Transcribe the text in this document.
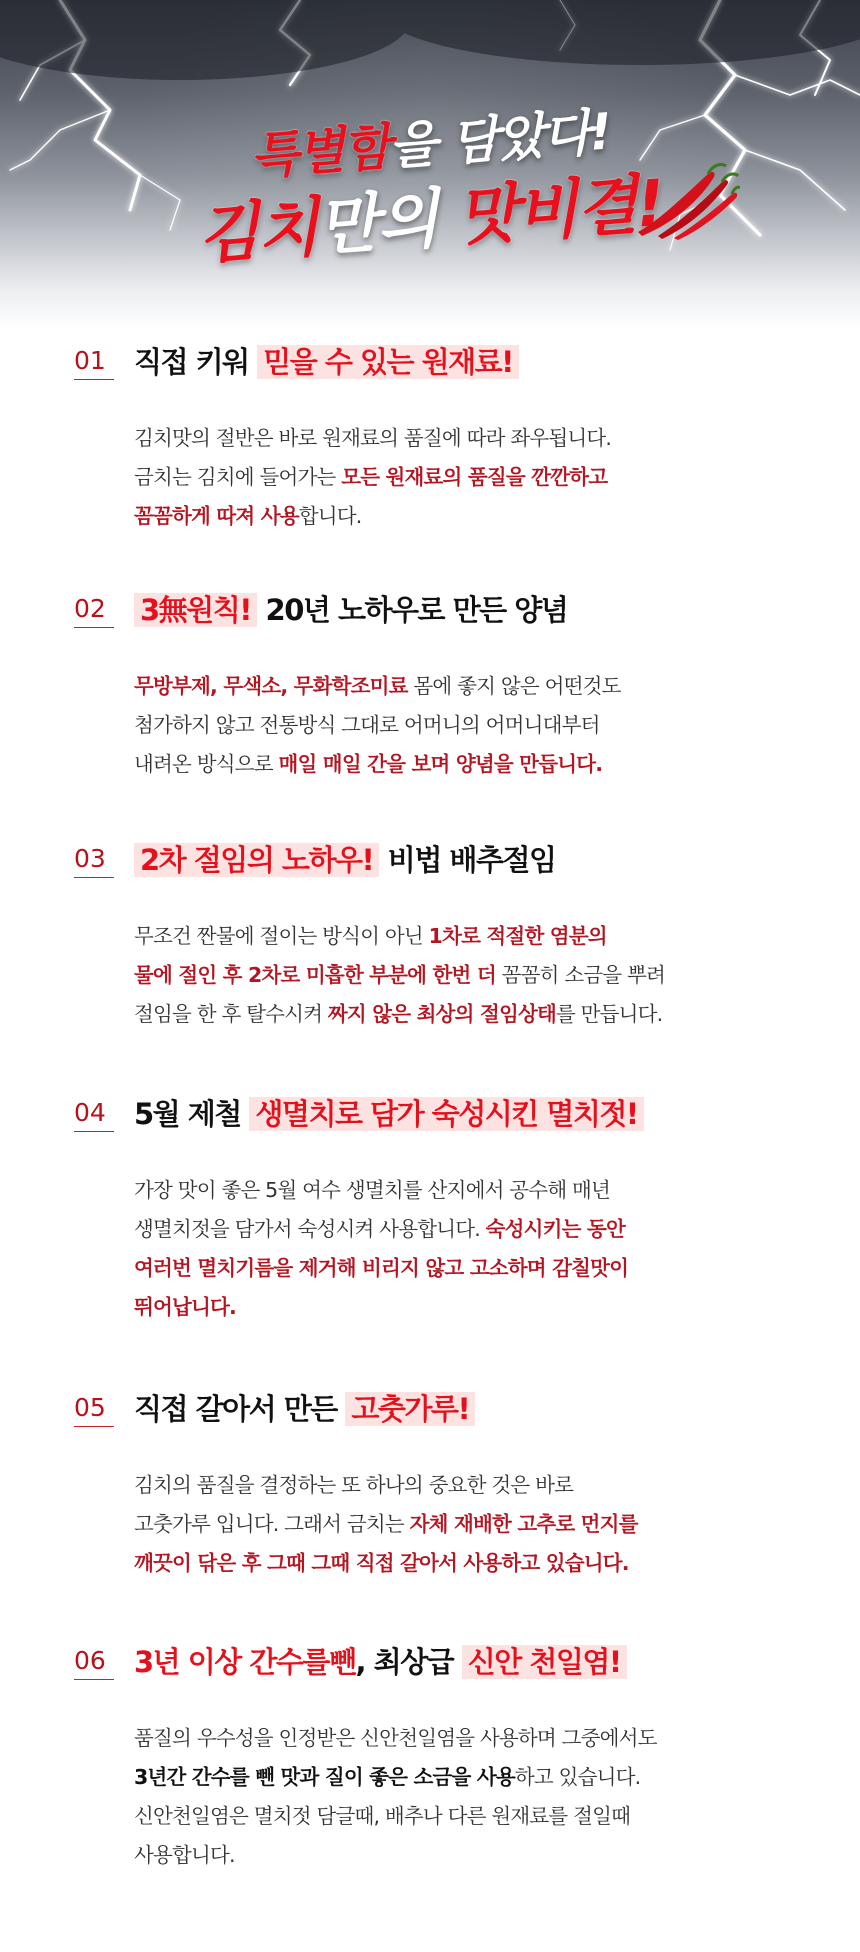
특별함을 담았다!
김치만의 맛비결!
01 직접 키워 믿을 수 있는 원재료!
김치맛의 절반은 바로 원재료의 품질에 따라 좌우됩니다.
금치는 김치에 들어가는 모든 원재료의 품질을 깐깐하고
꼼꼼하게 따져 사용합니다.
02 3無원칙! 20년 노하우로 만든 양념
무방부제, 무색소, 무화학조미료 몸에 좋지 않은 어떤것도
첨가하지 않고 전통방식 그대로 어머니의 어머니대부터
내려온 방식으로 매일 매일 간을 보며 양념을 만듭니다.
03 2차 절임의 노하우! 비법 배추절임
무조건 짠물에 절이는 방식이 아닌 1차로 적절한 염분의
물에 절인 후 2차로 미흡한 부분에 한번 더 꼼꼼히 소금을 뿌려
절임을 한 후 탈수시켜 짜지 않은 최상의 절임상태를 만듭니다.
04 5월 제철 생멸치로 담가 숙성시킨 멸치젓!
가장 맛이 좋은 5월 여수 생멸치를 산지에서 공수해 매년
생멸치젓을 담가서 숙성시켜 사용합니다. 숙성시키는 동안
여러번 멸치기름을 제거해 비리지 않고 고소하며 감칠맛이
뛰어납니다.
05 직접 갈아서 만든 고춧가루!
김치의 품질을 결정하는 또 하나의 중요한 것은 바로
고춧가루 입니다. 그래서 금치는 자체 재배한 고추로 먼지를
깨끗이 닦은 후 그때 그때 직접 갈아서 사용하고 있습니다.
06 3년 이상 간수를뺀, 최상급 신안 천일염!
품질의 우수성을 인정받은 신안천일염을 사용하며 그중에서도
3년간 간수를 뺀 맛과 질이 좋은 소금을 사용하고 있습니다.
신안천일염은 멸치젓 담글때, 배추나 다른 원재료를 절일때
사용합니다.
